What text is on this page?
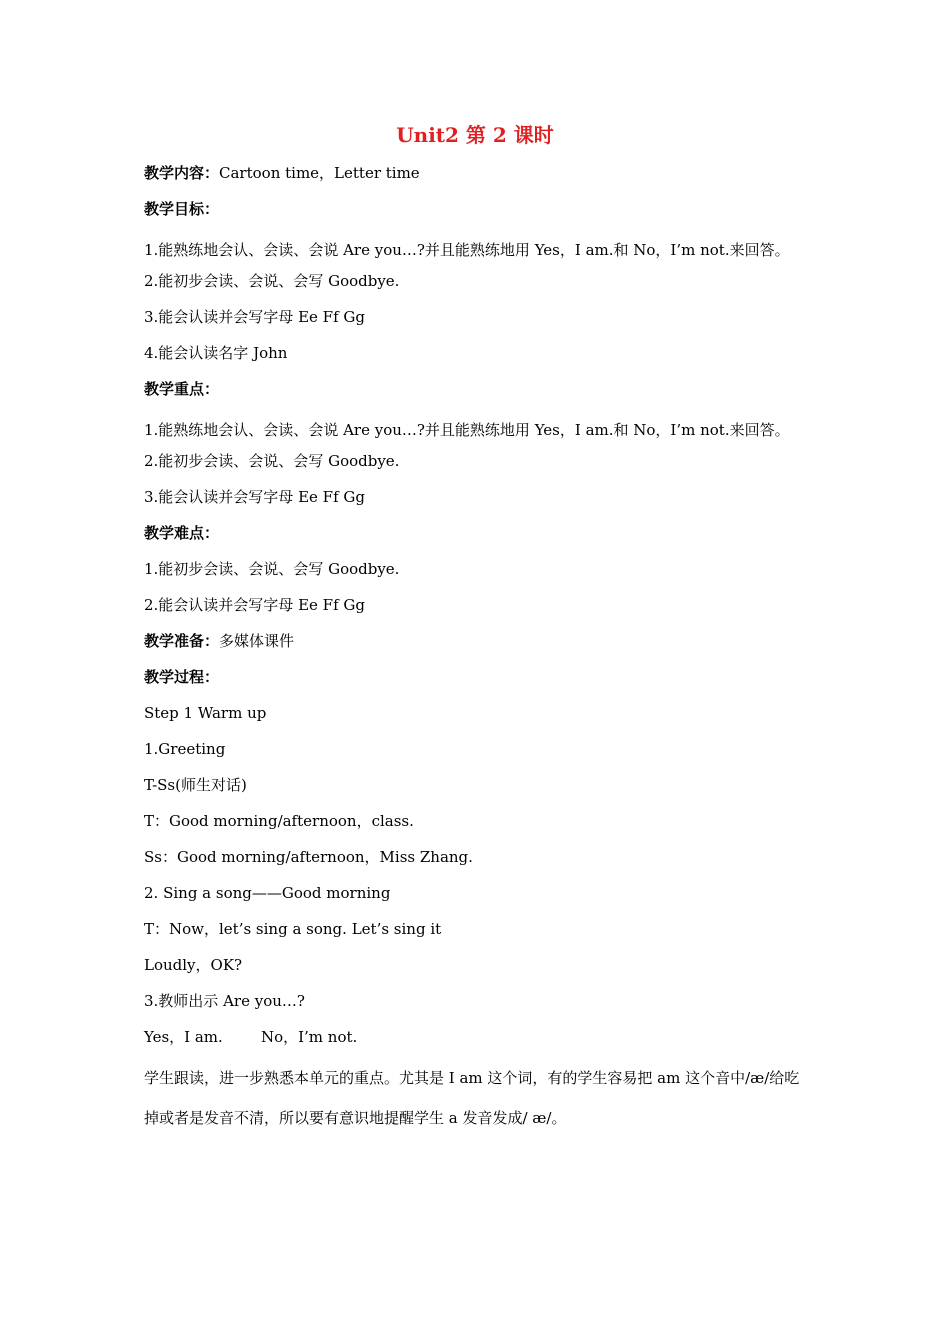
Unit2 第 2 课时
教学内容：Cartoon time，Letter time
教学目标：
1.能熟练地会认、会读、会说 Are you…?并且能熟练地用 Yes，I am.和 No，I’m not.来回答。
2.能初步会读、会说、会写 Goodbye.
3.能会认读并会写字母 Ee Ff Gg
4.能会认读名字 John
教学重点：
1.能熟练地会认、会读、会说 Are you…?并且能熟练地用 Yes，I am.和 No，I’m not.来回答。
2.能初步会读、会说、会写 Goodbye.
3.能会认读并会写字母 Ee Ff Gg
教学难点：
1.能初步会读、会说、会写 Goodbye.
2.能会认读并会写字母 Ee Ff Gg
教学准备：多媒体课件
教学过程：
Step 1 Warm up
1.Greeting
T-Ss(师生对话)
T：Good morning/afternoon，class.
Ss：Good morning/afternoon，Miss Zhang.
2. Sing a song——Good morning
T：Now，let’s sing a song. Let’s sing it
Loudly，OK?
3.教师出示 Are you…?
Yes，I am.        No，I’m not.
学生跟读，进一步熟悉本单元的重点。尤其是 I am 这个词，有的学生容易把 am 这个音中/æ/给吃掉或者是发音不清，所以要有意识地提醒学生 a 发音发成/ æ/。
